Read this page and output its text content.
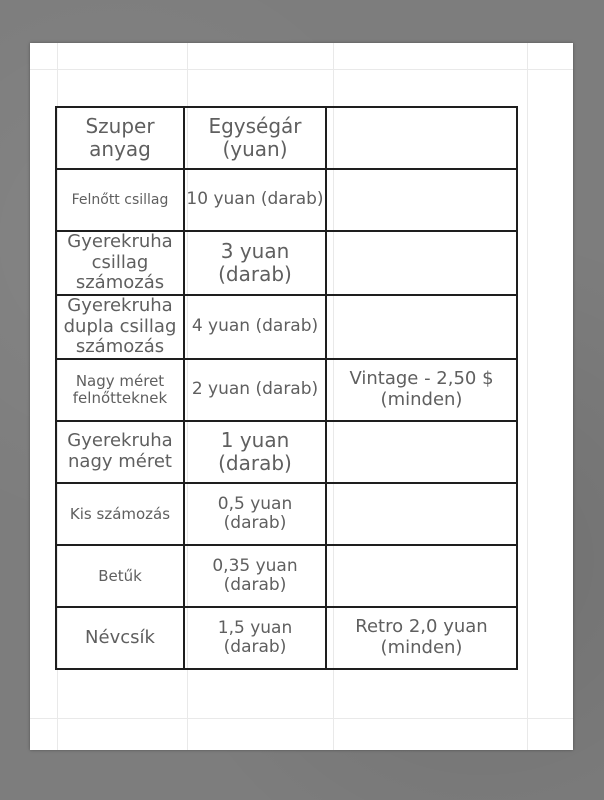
Szuper anyag	Egységár (yuan)	
Felnőtt csillag	10 yuan (darab)	
Gyerekruha csillag számozás	3 yuan (darab)	
Gyerekruha dupla csillag számozás	4 yuan (darab)	
Nagy méret felnőtteknek	2 yuan (darab)	Vintage - 2,50 $ (minden)
Gyerekruha nagy méret	1 yuan (darab)	
Kis számozás	0,5 yuan (darab)	
Betűk	0,35 yuan (darab)	
Névcsík	1,5 yuan (darab)	Retro 2,0 yuan (minden)
